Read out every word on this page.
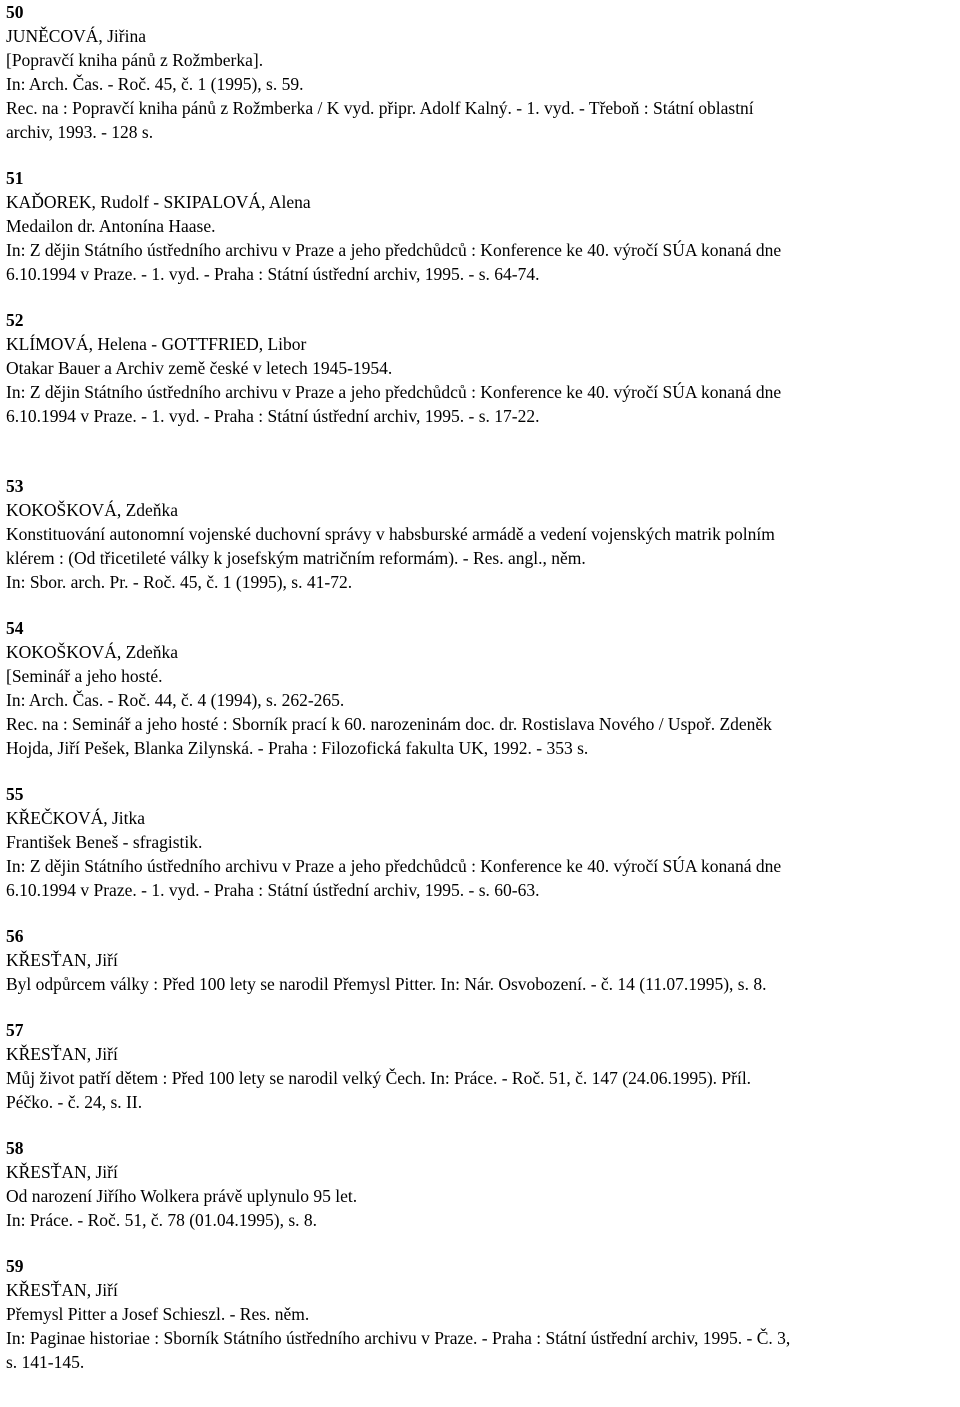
50
JUNĚCOVÁ, Jiřina
[Popravčí kniha pánů z Rožmberka].
In: Arch. Čas. - Roč. 45, č. 1 (1995), s. 59.
Rec. na : Popravčí kniha pánů z Rožmberka / K vyd. připr. Adolf Kalný. - 1. vyd. - Třeboň : Státní oblastní
archiv, 1993. - 128 s.
51
KAĎOREK, Rudolf - SKIPALOVÁ, Alena
Medailon dr. Antonína Haase.
In: Z dějin Státního ústředního archivu v Praze a jeho předchůdců : Konference ke 40. výročí SÚA konaná dne
6.10.1994 v Praze. - 1. vyd. - Praha : Státní ústřední archiv, 1995. - s. 64-74.
52
KLÍMOVÁ, Helena - GOTTFRIED, Libor
Otakar Bauer a Archiv země české v letech 1945-1954.
In: Z dějin Státního ústředního archivu v Praze a jeho předchůdců : Konference ke 40. výročí SÚA konaná dne
6.10.1994 v Praze. - 1. vyd. - Praha : Státní ústřední archiv, 1995. - s. 17-22.
53
KOKOŠKOVÁ, Zdeňka
Konstituování autonomní vojenské duchovní správy v habsburské armádě a vedení vojenských matrik polním
klérem : (Od třicetileté války k josefským matričním reformám). - Res. angl., něm.
In: Sbor. arch. Pr. - Roč. 45, č. 1 (1995), s. 41-72.
54
KOKOŠKOVÁ, Zdeňka
[Seminář a jeho hosté.
In: Arch. Čas. - Roč. 44, č. 4 (1994), s. 262-265.
Rec. na : Seminář a jeho hosté : Sborník prací k 60. narozeninám doc. dr. Rostislava Nového / Uspoř. Zdeněk
Hojda, Jiří Pešek, Blanka Zilynská. - Praha : Filozofická fakulta UK, 1992. - 353 s.
55
KŘEČKOVÁ, Jitka
František Beneš - sfragistik.
In: Z dějin Státního ústředního archivu v Praze a jeho předchůdců : Konference ke 40. výročí SÚA konaná dne
6.10.1994 v Praze. - 1. vyd. - Praha : Státní ústřední archiv, 1995. - s. 60-63.
56
KŘESŤAN, Jiří
Byl odpůrcem války : Před 100 lety se narodil Přemysl Pitter. In: Nár. Osvobození. - č. 14 (11.07.1995), s. 8.
57
KŘESŤAN, Jiří
Můj život patří dětem : Před 100 lety se narodil velký Čech. In: Práce. - Roč. 51, č. 147 (24.06.1995). Příl.
Péčko. - č. 24, s. II.
58
KŘESŤAN, Jiří
Od narození Jiřího Wolkera právě uplynulo 95 let.
In: Práce. - Roč. 51, č. 78 (01.04.1995), s. 8.
59
KŘESŤAN, Jiří
Přemysl Pitter a Josef Schieszl. - Res. něm.
In: Paginae historiae : Sborník Státního ústředního archivu v Praze. - Praha : Státní ústřední archiv, 1995. - Č. 3,
s. 141-145.
